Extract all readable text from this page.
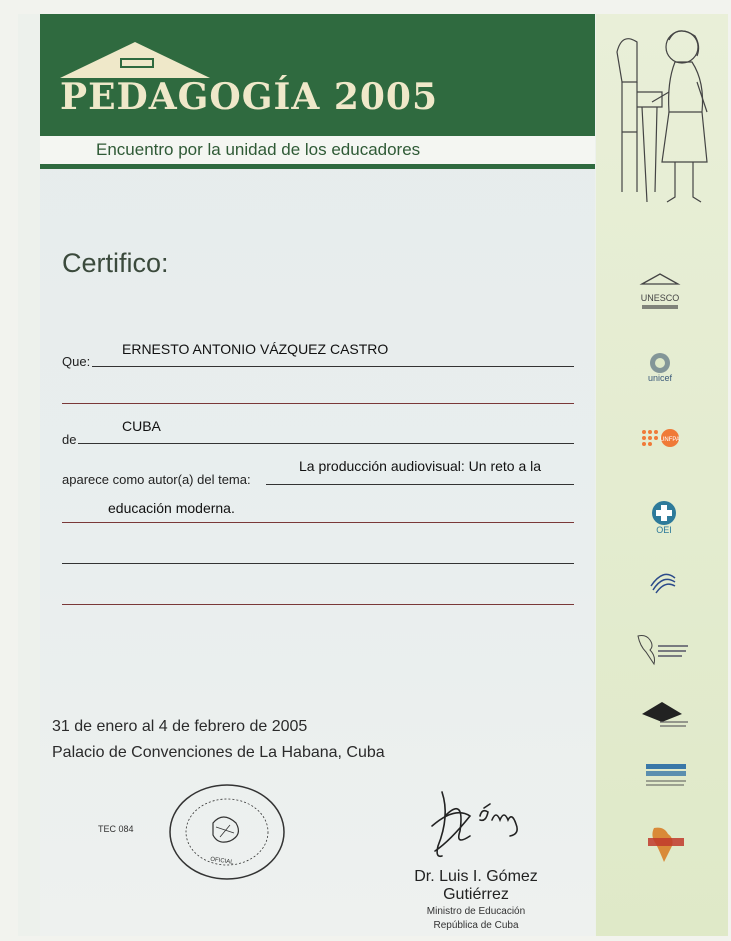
PEDAGOGÍA 2005
Encuentro por la unidad de los educadores
Certifico:
Que:
ERNESTO ANTONIO VÁZQUEZ CASTRO
de
CUBA
aparece como autor(a) del tema:
La producción audiovisual: Un reto a la
educación moderna.
31 de enero al 4 de febrero de 2005
Palacio de Convenciones de La Habana, Cuba
TEC 084
OFICIAL
Dr. Luis I. Gómez Gutiérrez
Ministro de Educación
República de Cuba
UNESCO
unicef
UNFPA
OEI
